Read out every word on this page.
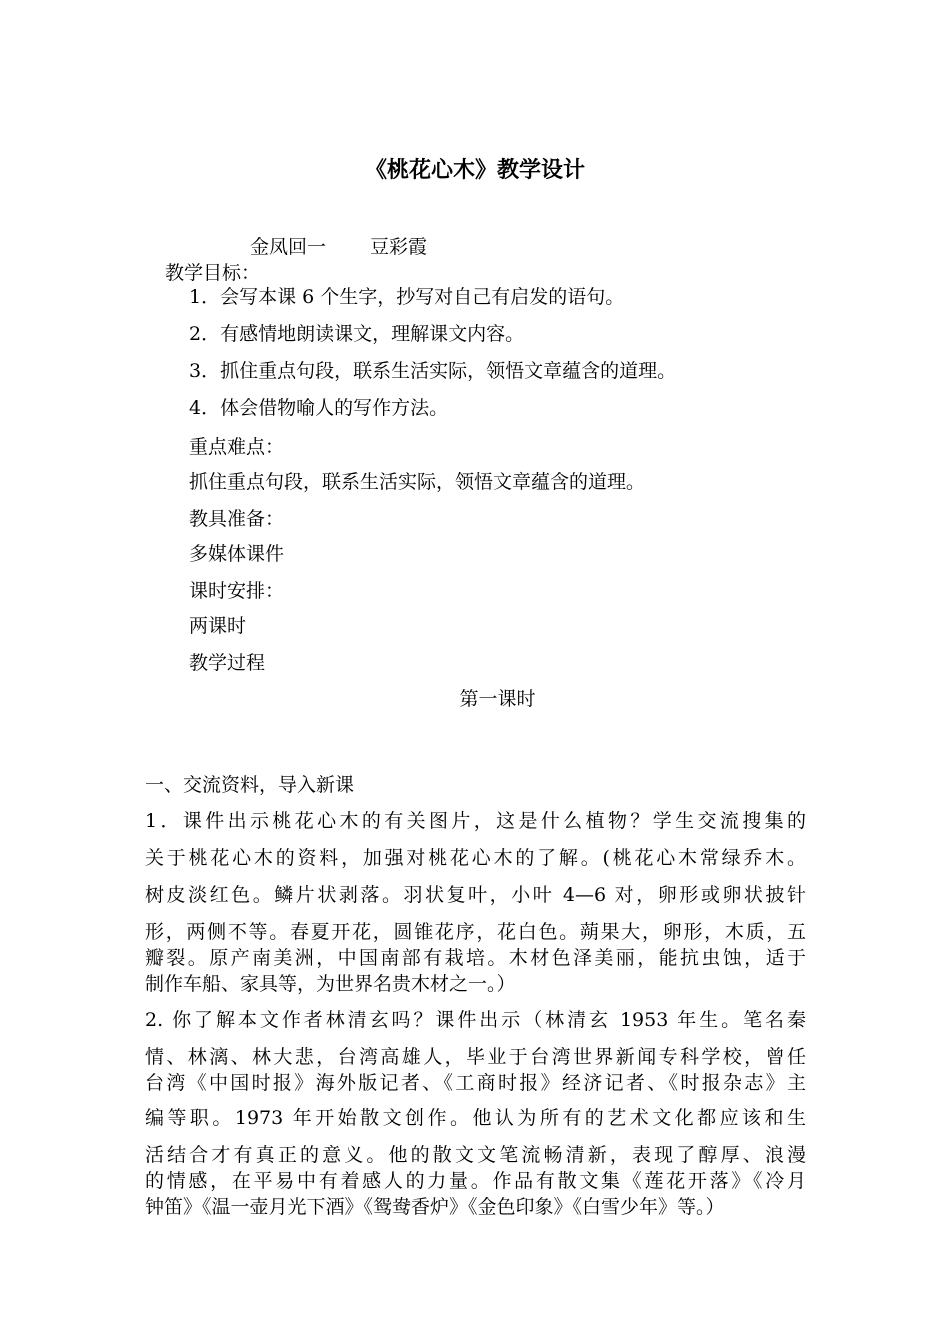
《桃花心木》教学设计
金凤回一 豆彩霞
教学目标：
1．会写本课 6 个生字，抄写对自己有启发的语句。
2．有感情地朗读课文，理解课文内容。
3．抓住重点句段，联系生活实际，领悟文章蕴含的道理。
4．体会借物喻人的写作方法。
重点难点：
抓住重点句段，联系生活实际，领悟文章蕴含的道理。
教具准备：
多媒体课件
课时安排：
两课时
教学过程
第一课时
一、交流资料，导入新课
1．课件出示桃花心木的有关图片，这是什么植物？学生交流搜集的
关于桃花心木的资料，加强对桃花心木的了解。(桃花心木常绿乔木。
树皮淡红色。鳞片状剥落。羽状复叶，小叶 4—6 对，卵形或卵状披针
形，两侧不等。春夏开花，圆锥花序，花白色。蒴果大，卵形，木质，五
瓣裂。原产南美洲，中国南部有栽培。木材色泽美丽，能抗虫蚀，适于
制作车船、家具等，为世界名贵木材之一。）
2. 你了解本文作者林清玄吗？课件出示（林清玄 1953 年生。笔名秦
情、林漓、林大悲，台湾高雄人，毕业于台湾世界新闻专科学校，曾任
台湾《中国时报》海外版记者、《工商时报》经济记者、《时报杂志》主
编等职。1973 年开始散文创作。他认为所有的艺术文化都应该和生
活结合才有真正的意义。他的散文文笔流畅清新，表现了醇厚、浪漫
的情感，在平易中有着感人的力量。作品有散文集《莲花开落》《冷月
钟笛》《温一壶月光下酒》《鸳鸯香炉》《金色印象》《白雪少年》等。）
